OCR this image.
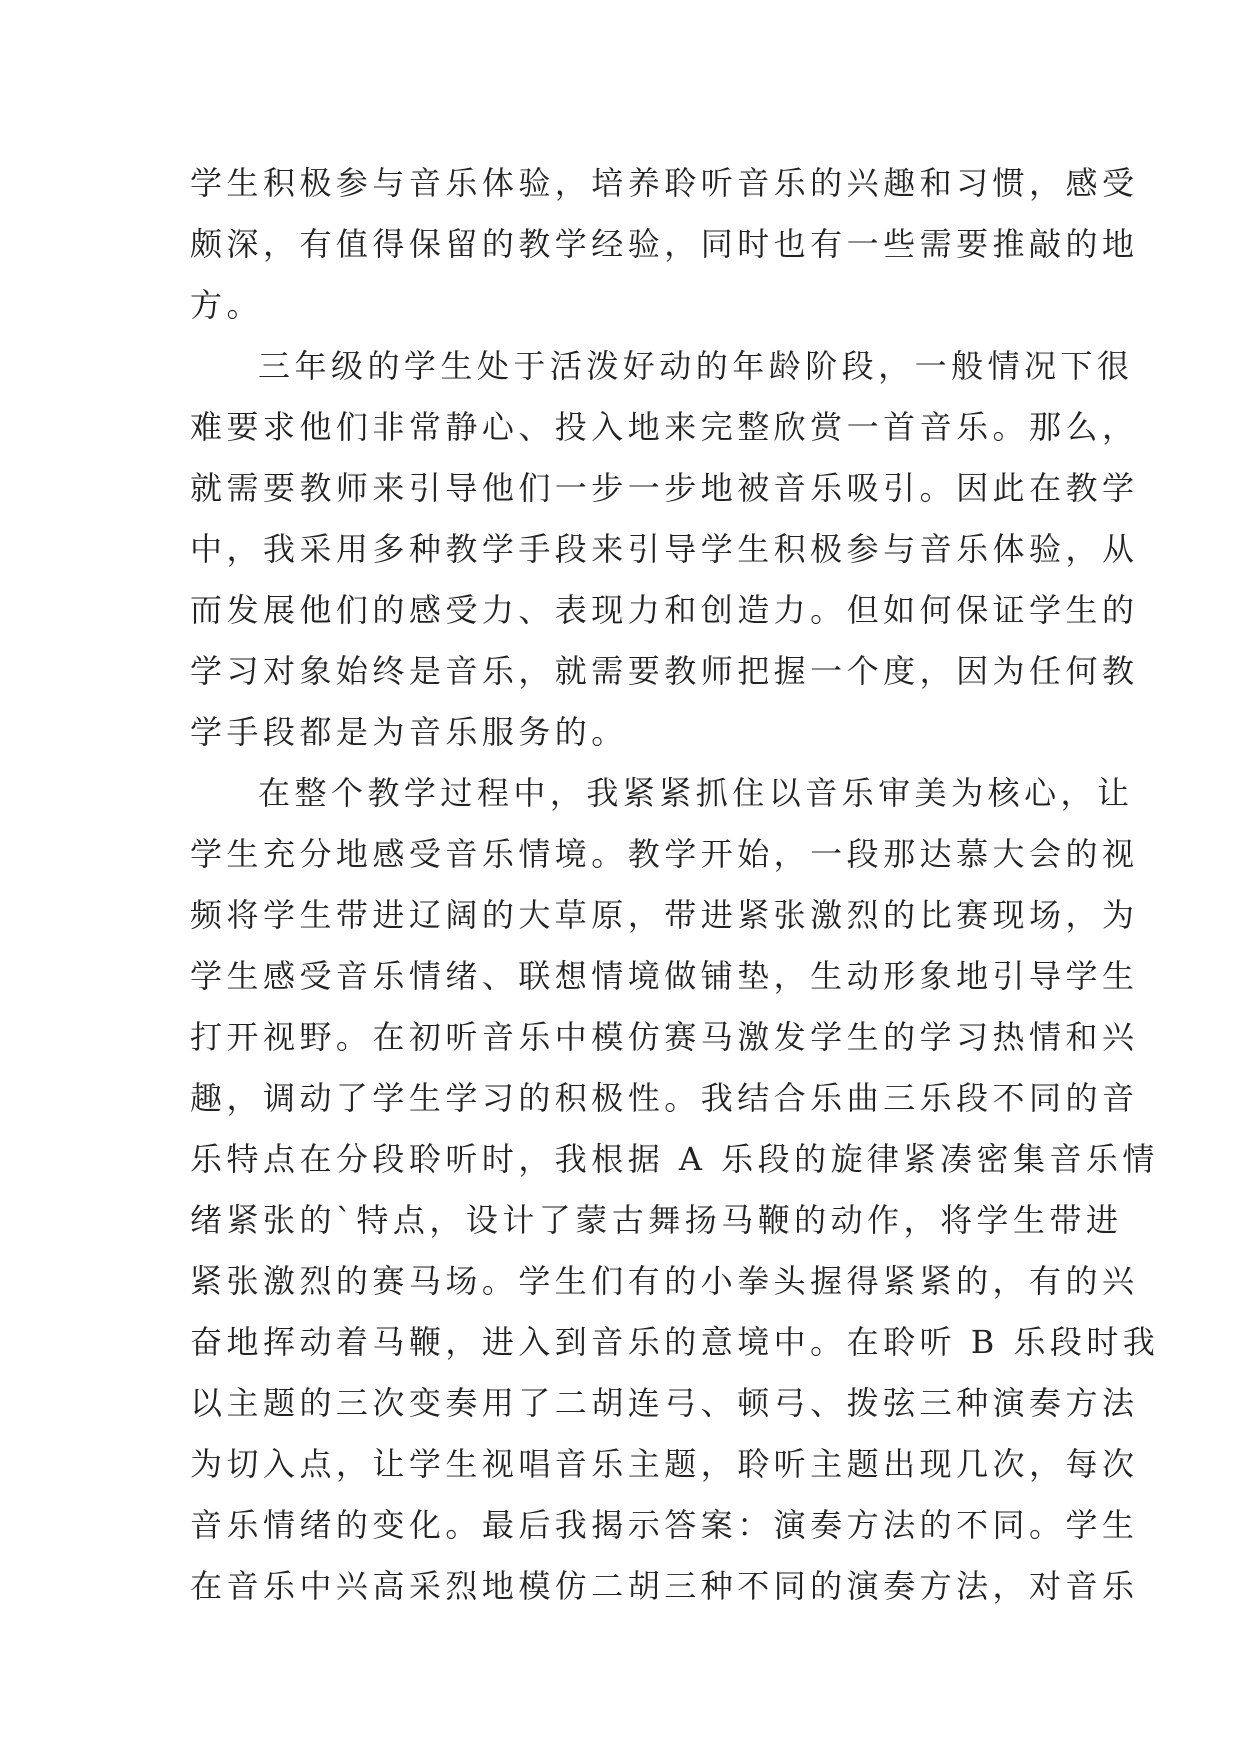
学生积极参与音乐体验，培养聆听音乐的兴趣和习惯，感受
颇深，有值得保留的教学经验，同时也有一些需要推敲的地
方。
三年级的学生处于活泼好动的年龄阶段，一般情况下很
难要求他们非常静心、投入地来完整欣赏一首音乐。那么，
就需要教师来引导他们一步一步地被音乐吸引。因此在教学
中，我采用多种教学手段来引导学生积极参与音乐体验，从
而发展他们的感受力、表现力和创造力。但如何保证学生的
学习对象始终是音乐，就需要教师把握一个度，因为任何教
学手段都是为音乐服务的。
在整个教学过程中，我紧紧抓住以音乐审美为核心，让
学生充分地感受音乐情境。教学开始，一段那达慕大会的视
频将学生带进辽阔的大草原，带进紧张激烈的比赛现场，为
学生感受音乐情绪、联想情境做铺垫，生动形象地引导学生
打开视野。在初听音乐中模仿赛马激发学生的学习热情和兴
趣，调动了学生学习的积极性。我结合乐曲三乐段不同的音
乐特点在分段聆听时，我根据 A 乐段的旋律紧凑密集音乐情
绪紧张的`特点，设计了蒙古舞扬马鞭的动作，将学生带进
紧张激烈的赛马场。学生们有的小拳头握得紧紧的，有的兴
奋地挥动着马鞭，进入到音乐的意境中。在聆听 B 乐段时我
以主题的三次变奏用了二胡连弓、顿弓、拨弦三种演奏方法
为切入点，让学生视唱音乐主题，聆听主题出现几次，每次
音乐情绪的变化。最后我揭示答案：演奏方法的不同。学生
在音乐中兴高采烈地模仿二胡三种不同的演奏方法，对音乐
